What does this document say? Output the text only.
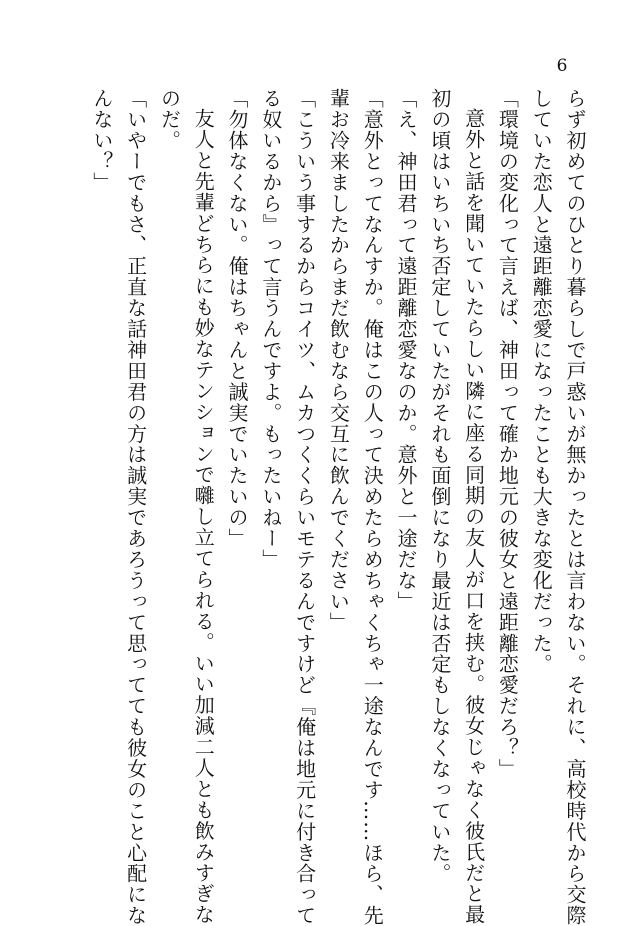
6

らず初めてのひとり暮らしで戸惑いが無かったとは言わない。それに、高校時代から交際
していた恋人と遠距離恋愛になったことも大きな変化だった。

「環境の変化って言えば、神田って確か地元の彼女と遠距離恋愛だろ？」

意外と話を聞いていたらしい隣に座る同期の友人が口を挟む。彼女じゃなく彼氏だと最
初の頃はいちいち否定していたがそれも面倒になり最近は否定もしなくなっていた。

「え、神田君って遠距離恋愛なのか。意外と一途だな」

「意外とってなんすか。俺はこの人って決めたらめちゃくちゃ一途なんです……ほら、先
輩お冷来ましたからまだ飲むなら交互に飲んでください」

「こういう事するからコイツ、ムカつくくらいモテるんですけど『俺は地元に付き合って
る奴いるから』って言うんですよ。もったいねー」

「勿体なくない。俺はちゃんと誠実でいたいの」

友人と先輩どちらにも妙なテンションで囃し立てられる。いい加減二人とも飲みすぎな
のだ。

「いやーでもさ、正直な話神田君の方は誠実であろうって思ってても彼女のこと心配にな
んない？」
